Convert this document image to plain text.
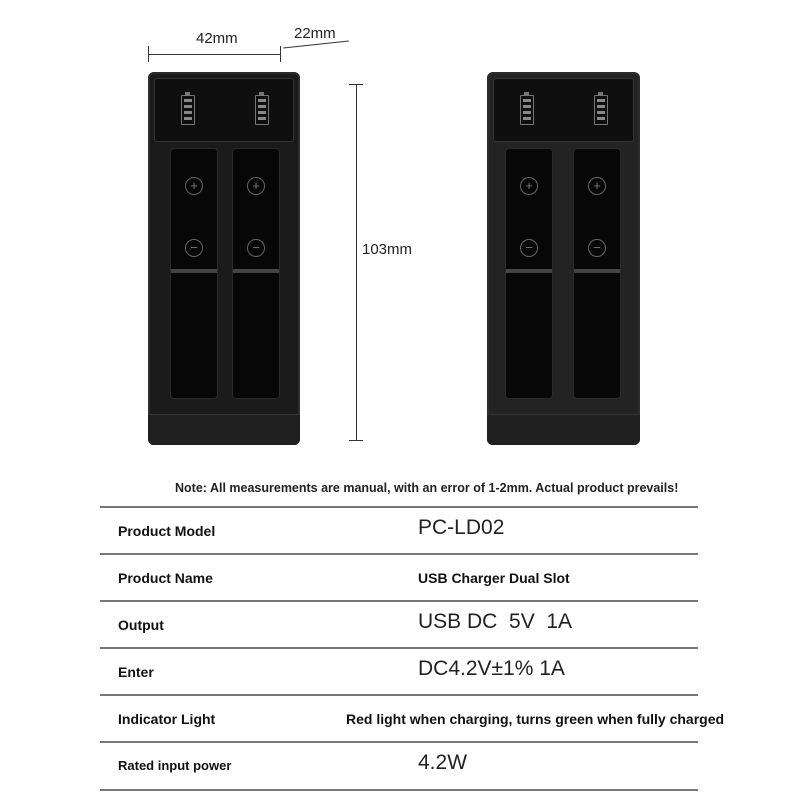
42mm	22mm
103mm
+
−
+
−
+
−
+
−
Note: All measurements are manual, with an error of 1-2mm. Actual product prevails!
Product Model	PC-LD02
Product Name	USB Charger Dual Slot
Output	USB DC  5V  1A
Enter	DC4.2V±1% 1A
Indicator Light	Red light when charging, turns green when fully charged
Rated input power	4.2W
